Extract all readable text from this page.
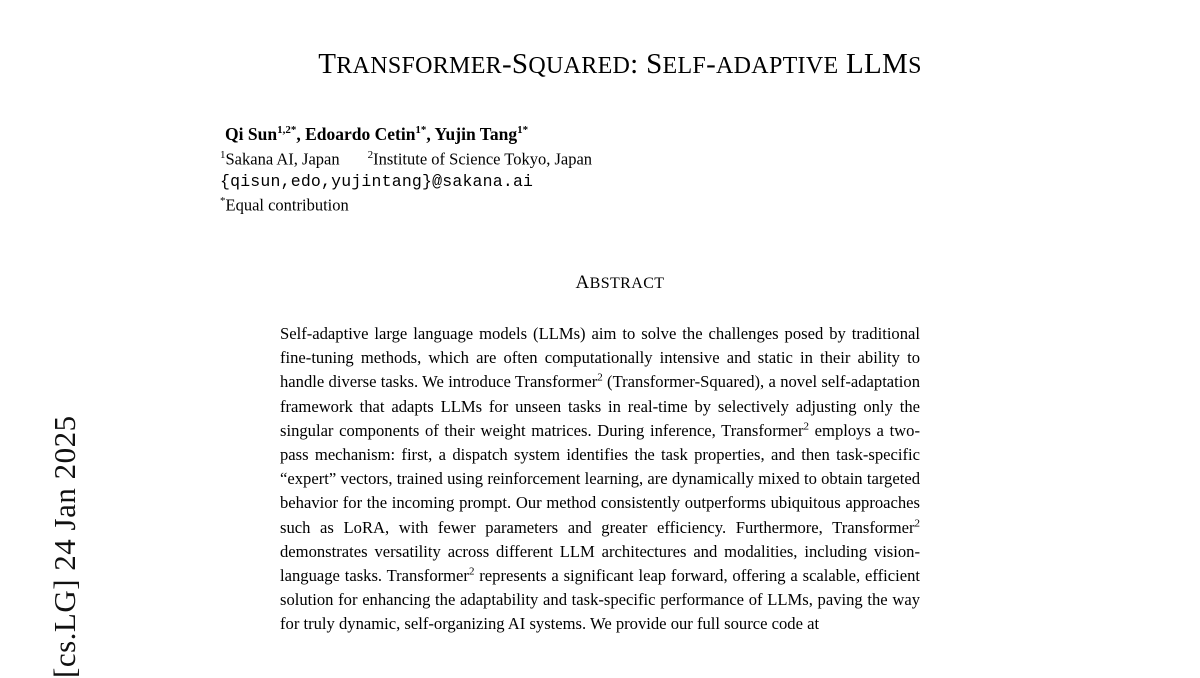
[cs.LG] 24 Jan 2025
TRANSFORMER-SQUARED: SELF-ADAPTIVE LLMS
Qi Sun$^{1,2*}$, Edoardo Cetin$^{1*}$, Yujin Tang$^{1*}$
$^1$Sakana AI, Japan	$^2$Institute of Science Tokyo, Japan
{qisun,edo,yujintang}@sakana.ai
*Equal contribution
ABSTRACT
Self-adaptive large language models (LLMs) aim to solve the challenges posed by traditional fine-tuning methods, which are often computationally intensive and static in their ability to handle diverse tasks. We introduce Transformer$^2$ (Transformer-Squared), a novel self-adaptation framework that adapts LLMs for unseen tasks in real-time by selectively adjusting only the singular components of their weight matrices. During inference, Transformer$^2$ employs a two-pass mechanism: first, a dispatch system identifies the task properties, and then task-specific “expert” vectors, trained using reinforcement learning, are dynamically mixed to obtain targeted behavior for the incoming prompt. Our method consistently outperforms ubiquitous approaches such as LoRA, with fewer parameters and greater efficiency. Furthermore, Transformer$^2$ demonstrates versatility across different LLM architectures and modalities, including vision-language tasks. Transformer$^2$ represents a significant leap forward, offering a scalable, efficient solution for enhancing the adaptability and task-specific performance of LLMs, paving the way for truly dynamic, self-organizing AI systems. We provide our full source code at
